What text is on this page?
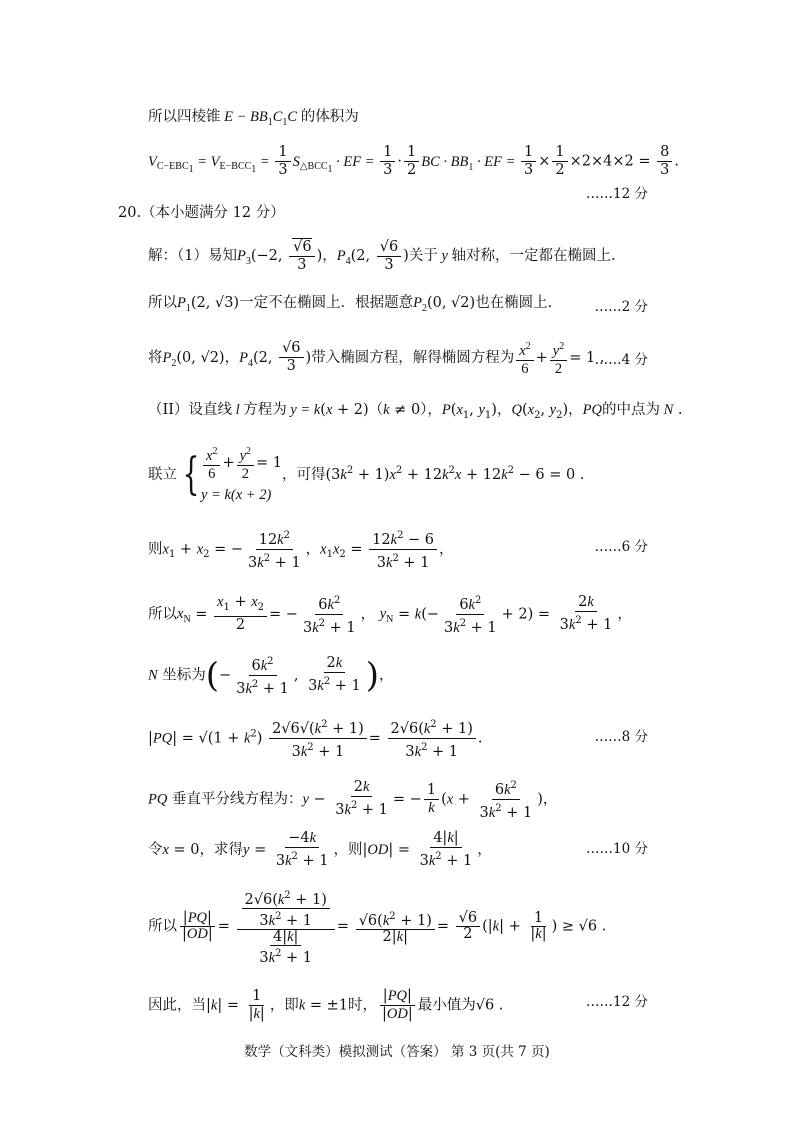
所以四棱锥 $E - BB_1C_1C$ 的体积为
$V_{C-EBC_1} = V_{E-BCC_1} = \frac{1}{3} S_{\triangle BCC_1}$ · EF = $\frac{1}{3} \cdot \frac{1}{2}$ BC · $BB_1$ · EF = $\frac{1}{3} \times \frac{1}{2} \times 2\times 4\times 2 = \frac{8}{3}$ .
……12 分
20.（本小题满分 12 分）
解：（1）易知$P_3(-2$, $\frac{√6}{3}$ )，$P_4(2$, $\frac{√6}{3}$ )关于 y 轴对称，一定都在椭圆上.
所以$P_1(2$, √3)一定不在椭圆上．根据题意$P_2(0$, √2)也在椭圆上.	……2 分
将$P_2(0$, √2)，$P_4(2$, $\frac{√6}{3}$ )带入椭圆方程，解得椭圆方程为 $\frac{x^2}{6} + \frac{y^2}{2} = 1$ .
……4 分
（II）设直线 l 方程为 y = k(x + 2)（k ≠ 0），$P(x_1$, $y_1$)，$Q(x_2$, $y_2$)，PQ的中点为 N .
联立 { $\frac{x^2}{6} + \frac{y^2}{2} = 1$
y = k(x + 2)
，可得$(3k^2 + 1)x^2 + 12k^2x + 12k^2 - 6 = 0$ .
则$x_1 + x_2$ = − $\frac{12k^2}{3k^2 + 1}$ ，$x_1x_2 = \frac{12k^2 - 6}{3k^2 + 1}$ ，	……6 分
所以$x_N = \frac{x_1 + x_2}{2}$ = − $\frac{6k^2}{3k^2 + 1}$ ， $y_N = k(- \frac{6k^2}{3k^2 + 1} + 2) = \frac{2k}{3k^2 + 1}$ ，
N 坐标为(− $\frac{6k^2}{3k^2 + 1}$ , $\frac{2k}{3k^2 + 1}$ )，
$|PQ| = √(1 + k^2) \frac{2√6√(k^2 + 1)}{3k^2 + 1} = \frac{2√6(k^2 + 1)}{3k^2 + 1}$ .	……8 分
PQ 垂直平分线方程为：$y - \frac{2k}{3k^2 + 1}$ = − $\frac{1}{k} (x + \frac{6k^2}{3k^2 + 1}$ )，
令x = 0，求得$y = \frac{-4k}{3k^2 + 1}$ ，则$|OD| = \frac{4|k|}{3k^2 + 1}$ ，	……10 分
所以 $\frac{|PQ|}{|OD|} = \frac{\frac{2√6(k^2 + 1)}{3k^2 + 1}}{\frac{4|k|}{3k^2 + 1}} = \frac{√6(k^2 + 1)}{2|k|} = \frac{√6}{2} (|k| + \frac{1}{|k|}$ ) ≥ √6 .
因此，当$|k| = \frac{1}{|k|}$ ，即k = ±1时， $\frac{|PQ|}{|OD|}$ 最小值为√6 .	……12 分
数学（文科类）模拟测试（答案） 第 3 页(共 7 页)
